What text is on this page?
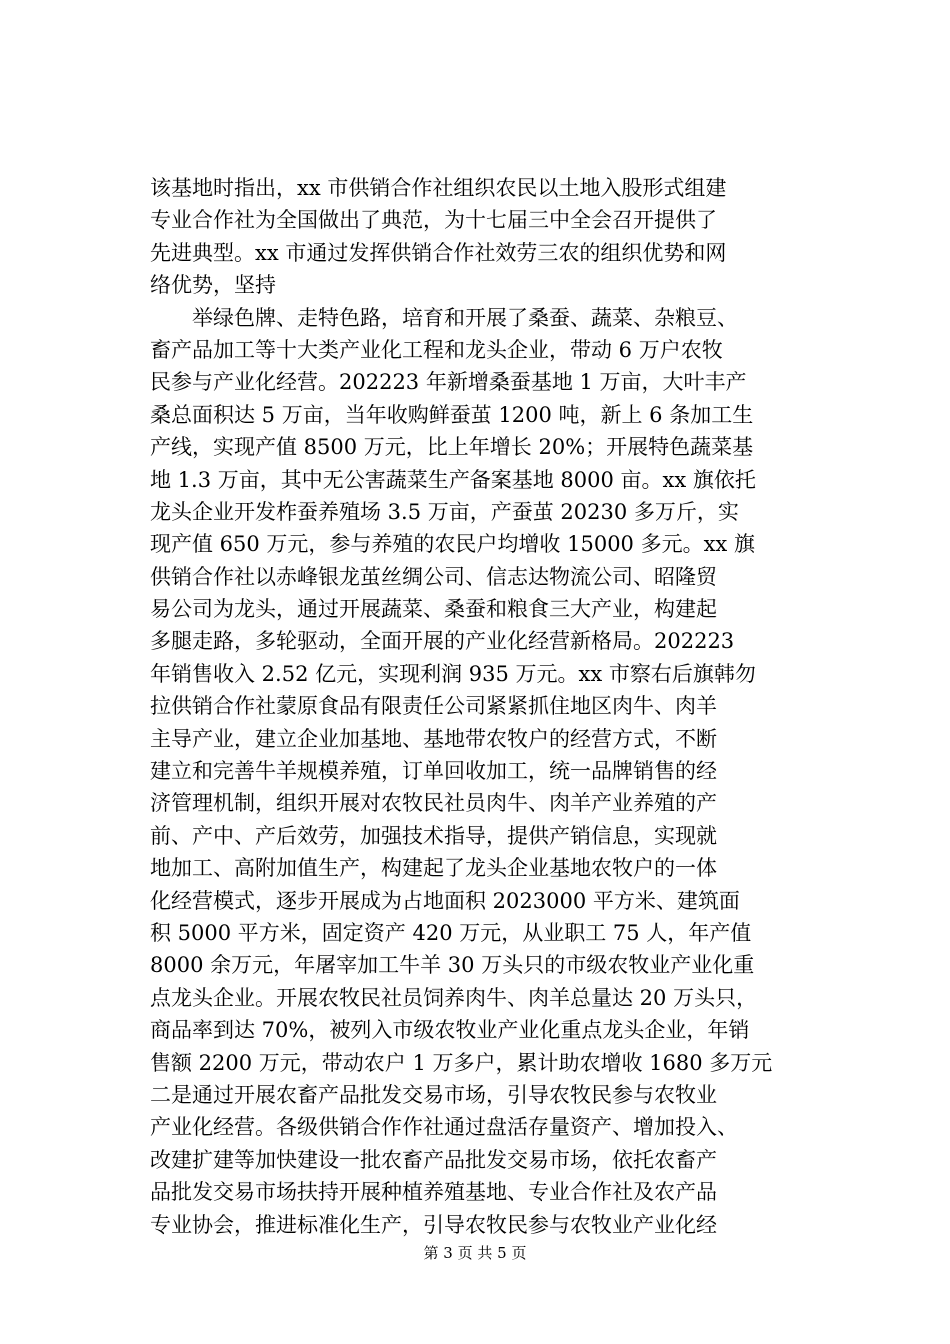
该基地时指出，xx 市供销合作社组织农民以土地入股形式组建
专业合作社为全国做出了典范，为十七届三中全会召开提供了
先进典型。xx 市通过发挥供销合作社效劳三农的组织优势和网
络优势，坚持
　　举绿色牌、走特色路，培育和开展了桑蚕、蔬菜、杂粮豆、
畜产品加工等十大类产业化工程和龙头企业，带动 6 万户农牧
民参与产业化经营。202223 年新增桑蚕基地 1 万亩，大叶丰产
桑总面积达 5 万亩，当年收购鲜蚕茧 1200 吨，新上 6 条加工生
产线，实现产值 8500 万元，比上年增长 20%；开展特色蔬菜基
地 1.3 万亩，其中无公害蔬菜生产备案基地 8000 亩。xx 旗依托
龙头企业开发柞蚕养殖场 3.5 万亩，产蚕茧 20230 多万斤，实
现产值 650 万元，参与养殖的农民户均增收 15000 多元。xx 旗
供销合作社以赤峰银龙茧丝绸公司、信志达物流公司、昭隆贸
易公司为龙头，通过开展蔬菜、桑蚕和粮食三大产业，构建起
多腿走路，多轮驱动，全面开展的产业化经营新格局。202223
年销售收入 2.52 亿元，实现利润 935 万元。xx 市察右后旗韩勿
拉供销合作社蒙原食品有限责任公司紧紧抓住地区肉牛、肉羊
主导产业，建立企业加基地、基地带农牧户的经营方式，不断
建立和完善牛羊规模养殖，订单回收加工，统一品牌销售的经
济管理机制，组织开展对农牧民社员肉牛、肉羊产业养殖的产
前、产中、产后效劳，加强技术指导，提供产销信息，实现就
地加工、高附加值生产，构建起了龙头企业基地农牧户的一体
化经营模式，逐步开展成为占地面积 2023000 平方米、建筑面
积 5000 平方米，固定资产 420 万元，从业职工 75 人，年产值
8000 余万元，年屠宰加工牛羊 30 万头只的市级农牧业产业化重
点龙头企业。开展农牧民社员饲养肉牛、肉羊总量达 20 万头只，
商品率到达 70%，被列入市级农牧业产业化重点龙头企业，年销
售额 2200 万元，带动农户 1 万多户，累计助农增收 1680 多万元
二是通过开展农畜产品批发交易市场，引导农牧民参与农牧业
产业化经营。各级供销合作作社通过盘活存量资产、增加投入、
改建扩建等加快建设一批农畜产品批发交易市场，依托农畜产
品批发交易市场扶持开展种植养殖基地、专业合作社及农产品
专业协会，推进标准化生产，引导农牧民参与农牧业产业化经
第 3 页 共 5 页
